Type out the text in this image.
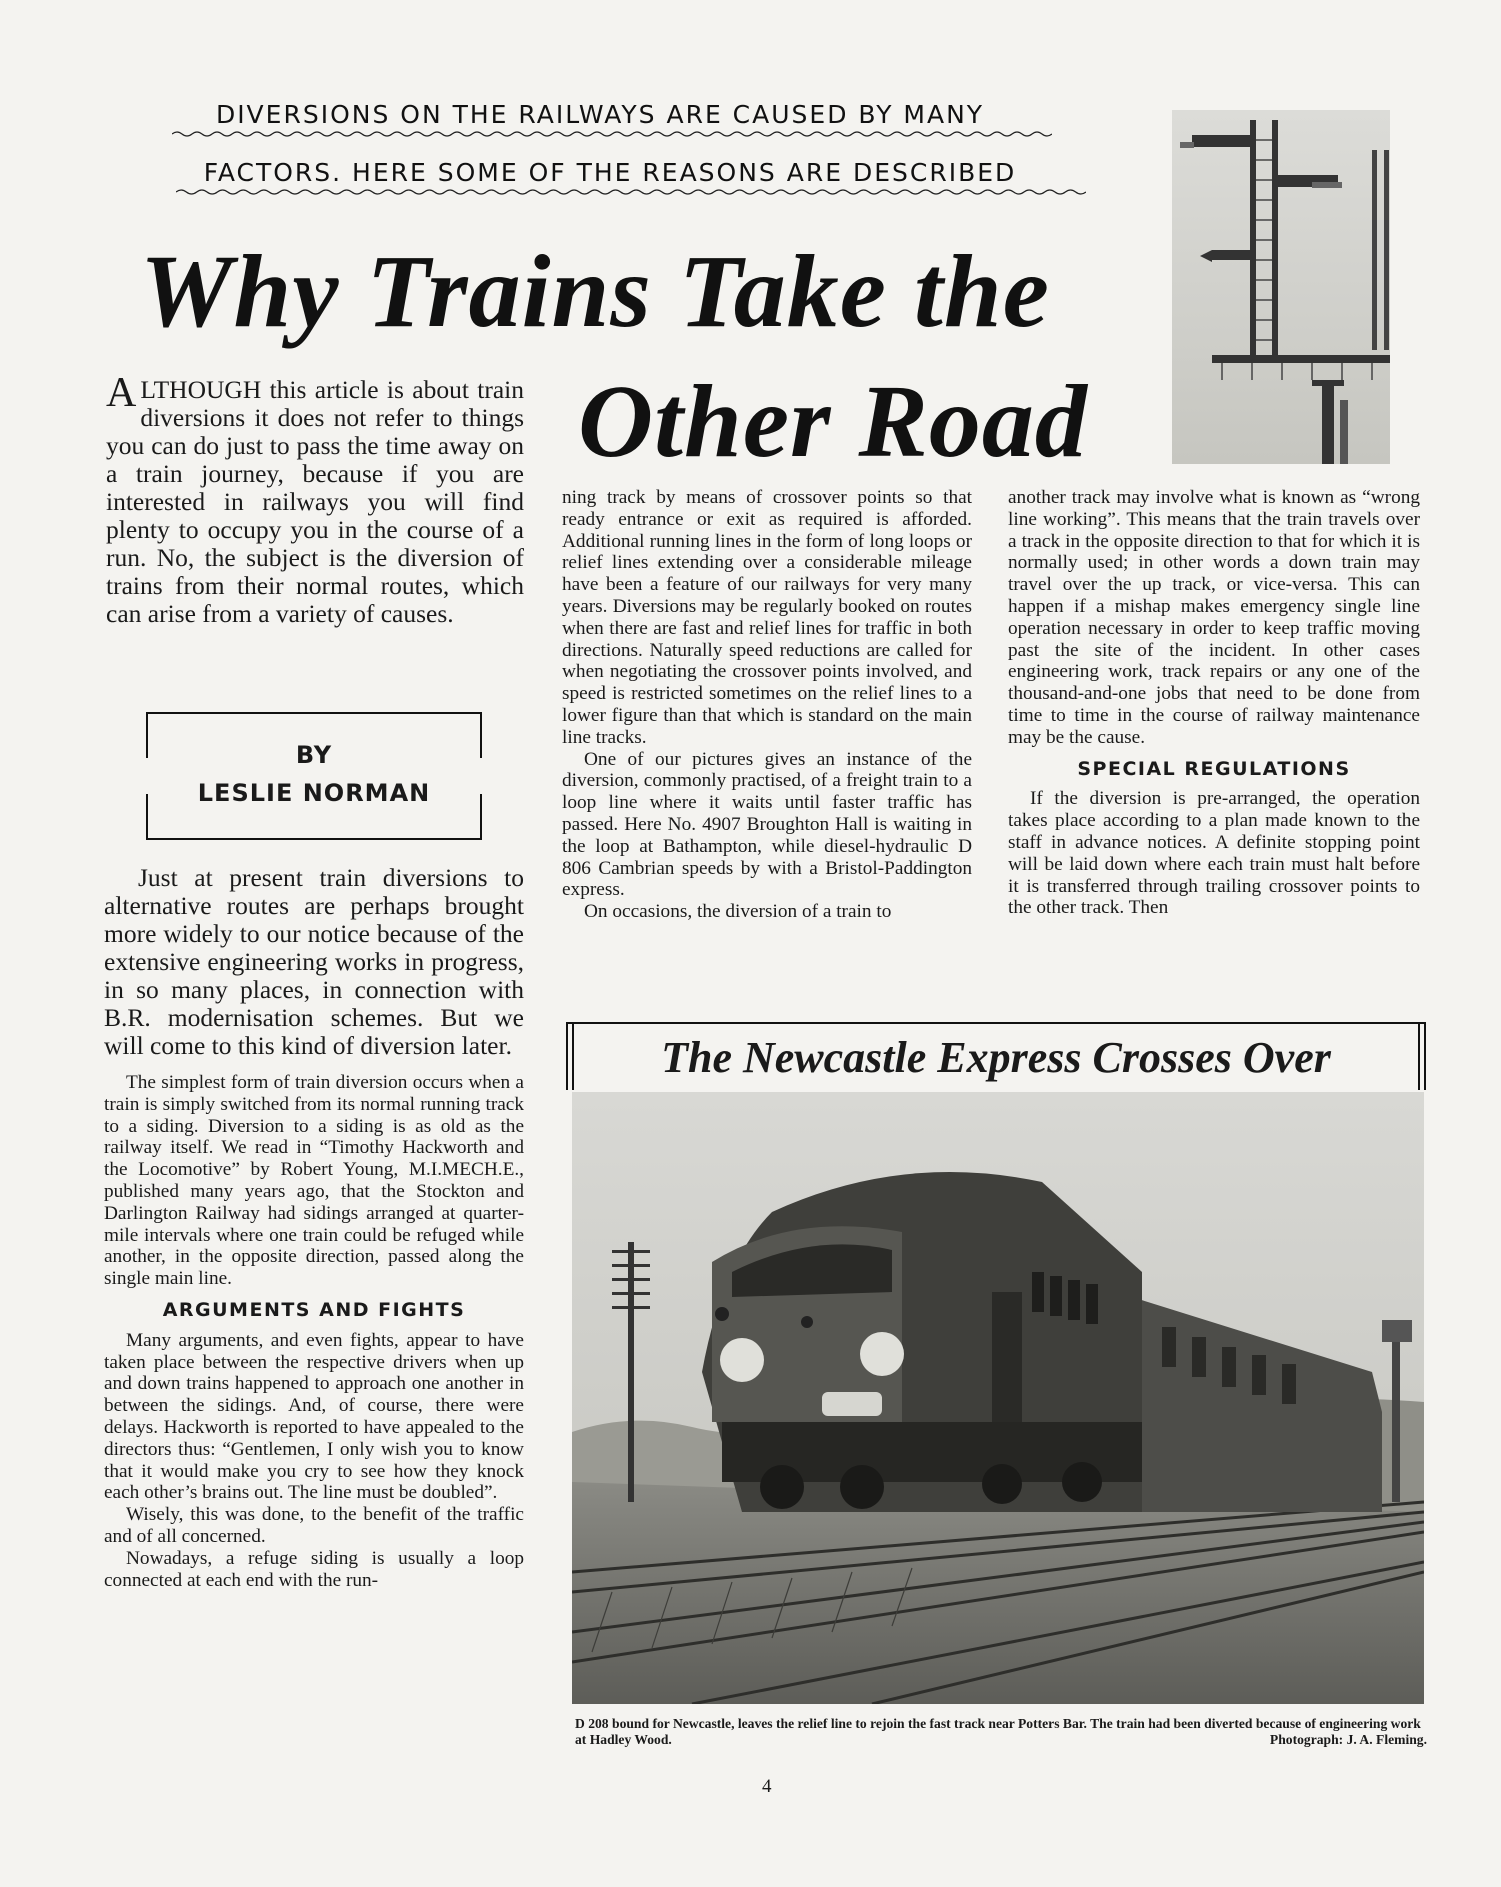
DIVERSIONS ON THE RAILWAYS ARE CAUSED BY MANY
FACTORS. HERE SOME OF THE REASONS ARE DESCRIBED
Why Trains Take the
Other Road
ALTHOUGH this article is about train diversions it does not refer to things you can do just to pass the time away on a train journey, because if you are interested in railways you will find plenty to occupy you in the course of a run. No, the subject is the diversion of trains from their normal routes, which can arise from a variety of causes.
BY
LESLIE NORMAN
Just at present train diversions to alternative routes are perhaps brought more widely to our notice because of the extensive engineering works in progress, in so many places, in connection with B.R. modernisation schemes. But we will come to this kind of diversion later.

The simplest form of train diversion occurs when a train is simply switched from its normal running track to a siding. Diversion to a siding is as old as the railway itself. We read in “Timothy Hackworth and the Locomotive” by Robert Young, M.I.MECH.E., published many years ago, that the Stockton and Darlington Railway had sidings arranged at quarter-mile intervals where one train could be refuged while another, in the opposite direction, passed along the single main line.

ARGUMENTS AND FIGHTS

Many arguments, and even fights, appear to have taken place between the respective drivers when up and down trains happened to approach one another in between the sidings. And, of course, there were delays. Hackworth is reported to have appealed to the directors thus: “Gentlemen, I only wish you to know that it would make you cry to see how they knock each other’s brains out. The line must be doubled”.

Wisely, this was done, to the benefit of the traffic and of all concerned.

Nowadays, a refuge siding is usually a loop connected at each end with the run-

ning track by means of crossover points so that ready entrance or exit as required is afforded. Additional running lines in the form of long loops or relief lines extending over a considerable mileage have been a feature of our railways for very many years. Diversions may be regularly booked on routes when there are fast and relief lines for traffic in both directions. Naturally speed reductions are called for when negotiating the crossover points involved, and speed is restricted sometimes on the relief lines to a lower figure than that which is standard on the main line tracks.

One of our pictures gives an instance of the diversion, commonly practised, of a freight train to a loop line where it waits until faster traffic has passed. Here No. 4907 Broughton Hall is waiting in the loop at Bathampton, while diesel-hydraulic D 806 Cambrian speeds by with a Bristol-Paddington express.

On occasions, the diversion of a train to

another track may involve what is known as “wrong line working”. This means that the train travels over a track in the opposite direction to that for which it is normally used; in other words a down train may travel over the up track, or vice-versa. This can happen if a mishap makes emergency single line operation necessary in order to keep traffic moving past the site of the incident. In other cases engineering work, track repairs or any one of the thousand-and-one jobs that need to be done from time to time in the course of railway maintenance may be the cause.

SPECIAL REGULATIONS

If the diversion is pre-arranged, the operation takes place according to a plan made known to the staff in advance notices. A definite stopping point will be laid down where each train must halt before it is transferred through trailing crossover points to the other track. Then

The Newcastle Express Crosses Over
D 208 bound for Newcastle, leaves the relief line to rejoin the fast track near Potters Bar. The train had been diverted because of engineering work at Hadley Wood.	Photograph: J. A. Fleming.
4
